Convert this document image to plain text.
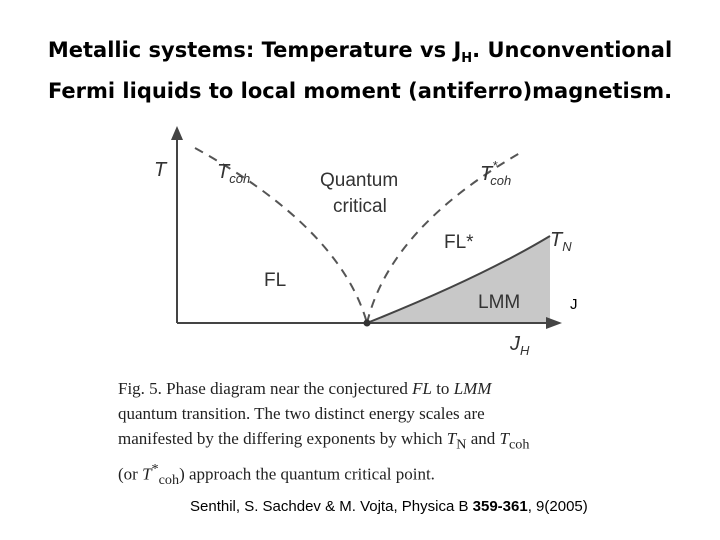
Metallic systems: Temperature vs $J_H$. Unconventional
Fermi liquids to local moment (antiferro)magnetism.
T	$T_{coh}$	Quantum
critical
T* coh
FL*	$T_N$
FL
LMM
$J_H$
Fig. 5. Phase diagram near the conjectured FL to LMM
quantum transition. The two distinct energy scales are
manifested by the differing exponents by which $T_N$ and $T_{coh}$
(or $T^*_{coh}$) approach the quantum critical point.
J
Senthil, S. Sachdev & M. Vojta, Physica B 359-361, 9(2005)
